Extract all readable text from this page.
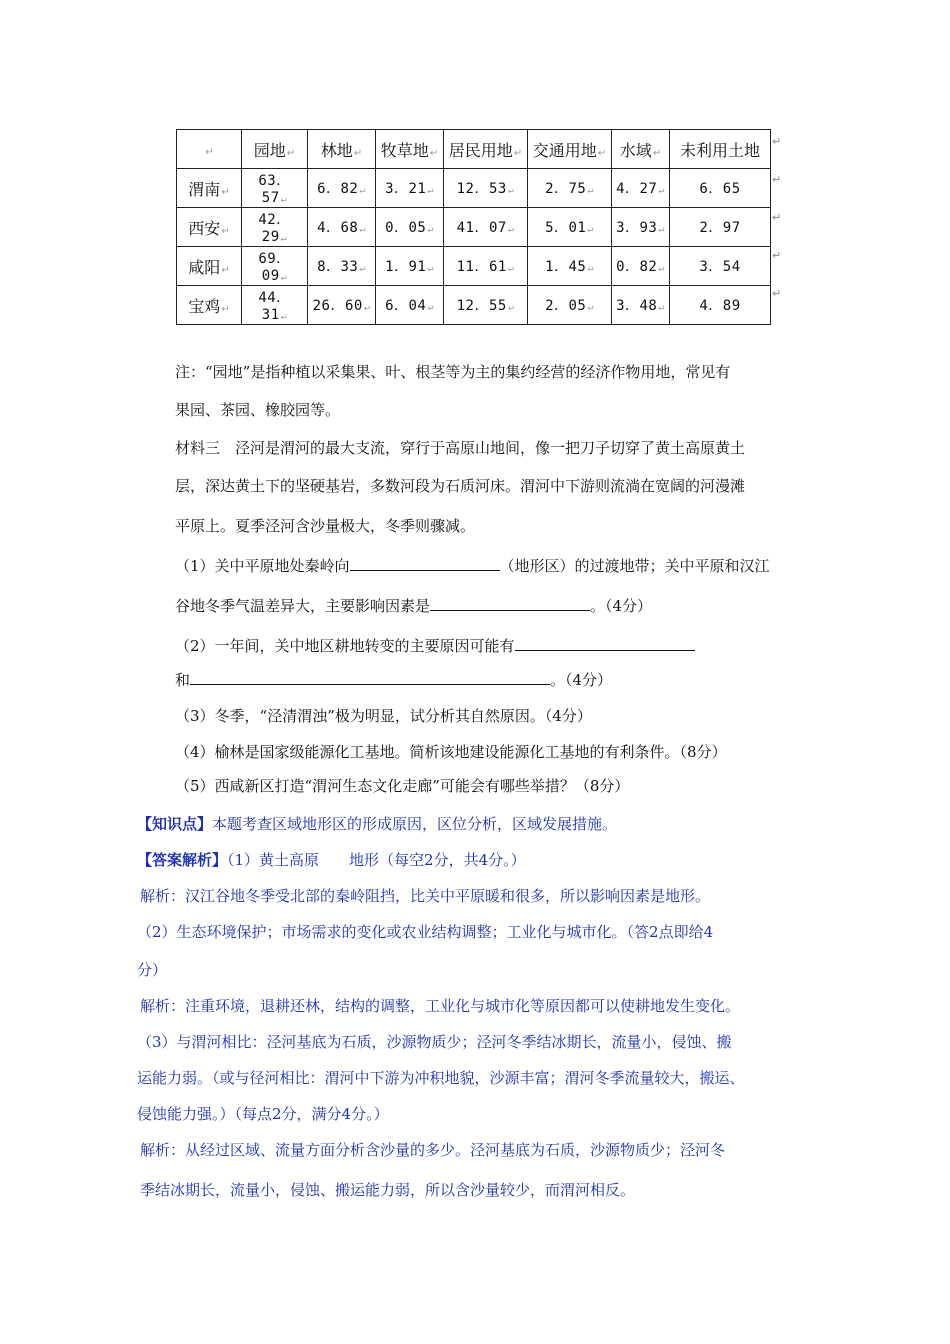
↵	园地↵	林地↵	牧草地↵	居民用地↵	交通用地↵	水域↵	未利用土地
渭南↵	63．57↵	6．82↵	3．21↵	12．53↵	2．75↵	4．27↵	6．65
西安↵	42．29↵	4．68↵	0．05↵	41．07↵	5．01↵	3．93↵	2．97
咸阳↵	69．09↵	8．33↵	1．91↵	11．61↵	1．45↵	0．82↵	3．54
宝鸡↵	44．31↵	26．60↵	6．04↵	12．55↵	2．05↵	3．48↵	4．89
注：“园地”是指种植以采集果、叶、根茎等为主的集约经营的经济作物用地，常见有
果园、茶园、橡胶园等。
材料三　泾河是渭河的最大支流，穿行于高原山地间，像一把刀子切穿了黄土高原黄土
层，深达黄土下的坚硬基岩，多数河段为石质河床。渭河中下游则流淌在宽阔的河漫滩
平原上。夏季泾河含沙量极大，冬季则骤减。
（1）关中平原地处秦岭向	（地形区）的过渡地带；关中平原和汉江
谷地冬季气温差异大，主要影响因素是	。（4分）
（2）一年间，关中地区耕地转变的主要原因可能有
和	。（4分）
（3）冬季，“泾清渭浊”极为明显，试分析其自然原因。（4分）
（4）榆林是国家级能源化工基地。简析该地建设能源化工基地的有利条件。（8分）
（5）西咸新区打造“渭河生态文化走廊”可能会有哪些举措？（8分）
【知识点】本题考查区域地形区的形成原因，区位分析，区域发展措施。
【答案解析】（1）黄土高原　　地形（每空2分，共4分。）
解析：汉江谷地冬季受北部的秦岭阻挡，比关中平原暖和很多，所以影响因素是地形。
（2）生态环境保护；市场需求的变化或农业结构调整；工业化与城市化。（答2点即给4
分）
解析：注重环境，退耕还林，结构的调整，工业化与城市化等原因都可以使耕地发生变化。
（3）与渭河相比：泾河基底为石质，沙源物质少；泾河冬季结冰期长，流量小，侵蚀、搬
运能力弱。（或与径河相比：渭河中下游为冲积地貌，沙源丰富；渭河冬季流量较大，搬运、
侵蚀能力强。）（每点2分，满分4分。）
解析：从经过区域、流量方面分析含沙量的多少。泾河基底为石质，沙源物质少；泾河冬
季结冰期长，流量小，侵蚀、搬运能力弱，所以含沙量较少，而渭河相反。
↵
↵
↵
↵
↵
